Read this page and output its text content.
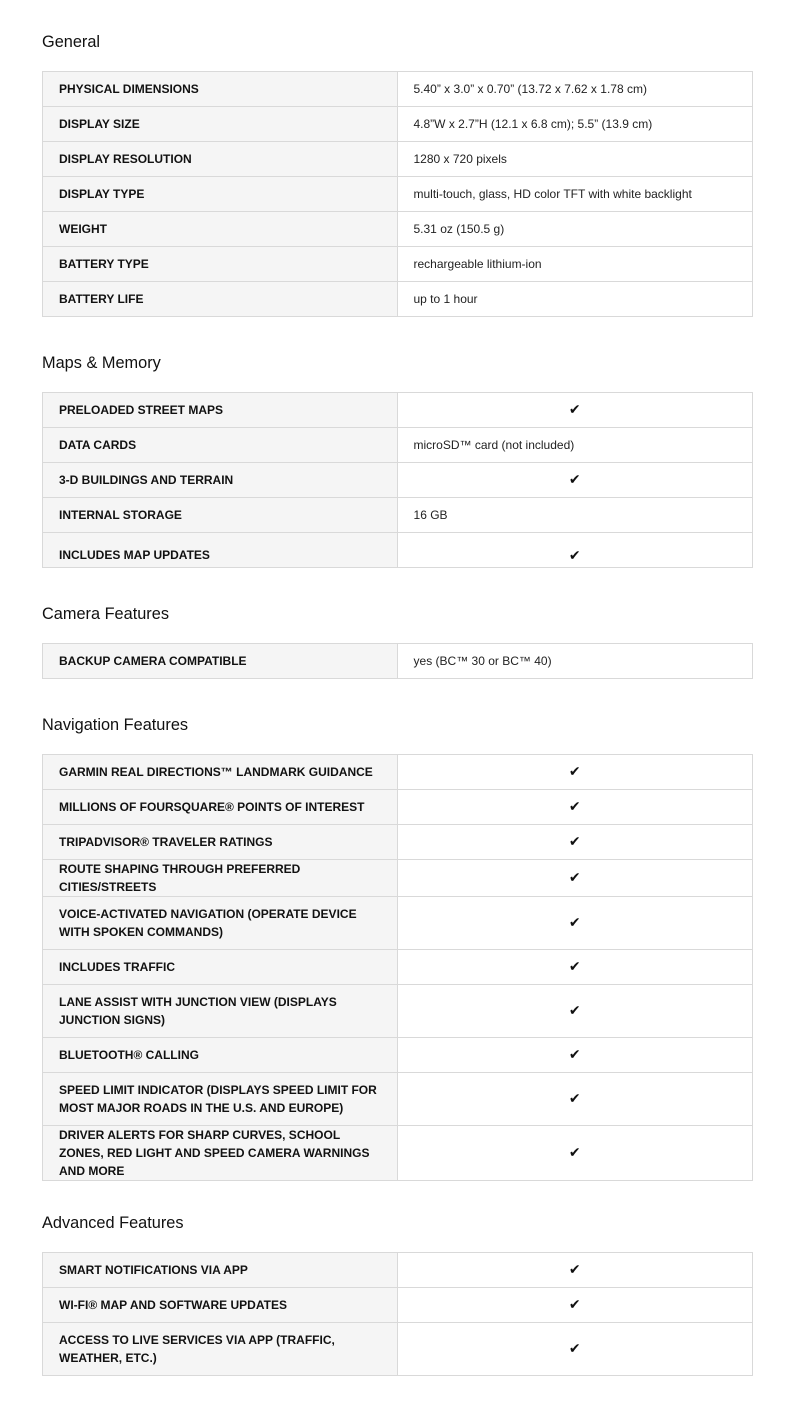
General
PHYSICAL DIMENSIONS	5.40” x 3.0” x 0.70” (13.72 x 7.62 x 1.78 cm)
DISPLAY SIZE	4.8”W x 2.7”H (12.1 x 6.8 cm); 5.5” (13.9 cm)
DISPLAY RESOLUTION	1280 x 720 pixels
DISPLAY TYPE	multi-touch, glass, HD color TFT with white backlight
WEIGHT	5.31 oz (150.5 g)
BATTERY TYPE	rechargeable lithium-ion
BATTERY LIFE	up to 1 hour
Maps & Memory
PRELOADED STREET MAPS	✔
DATA CARDS	microSD™ card (not included)
3-D BUILDINGS AND TERRAIN	✔
INTERNAL STORAGE	16 GB

INCLUDES MAP UPDATES	✔
Camera Features
BACKUP CAMERA COMPATIBLE	yes (BC™ 30 or BC™ 40)
Navigation Features
GARMIN REAL DIRECTIONS™ LANDMARK GUIDANCE	✔
MILLIONS OF FOURSQUARE® POINTS OF INTEREST	✔
TRIPADVISOR® TRAVELER RATINGS	✔
ROUTE SHAPING THROUGH PREFERRED CITIES/STREETS	✔
VOICE-ACTIVATED NAVIGATION (OPERATE DEVICE WITH SPOKEN COMMANDS)	✔
INCLUDES TRAFFIC	✔
LANE ASSIST WITH JUNCTION VIEW (DISPLAYS JUNCTION SIGNS)	✔
BLUETOOTH® CALLING	✔
SPEED LIMIT INDICATOR (DISPLAYS SPEED LIMIT FOR MOST MAJOR ROADS IN THE U.S. AND EUROPE)	✔
DRIVER ALERTS FOR SHARP CURVES, SCHOOL ZONES, RED LIGHT AND SPEED CAMERA WARNINGS AND MORE	✔
Advanced Features
SMART NOTIFICATIONS VIA APP	✔
WI-FI® MAP AND SOFTWARE UPDATES	✔
ACCESS TO LIVE SERVICES VIA APP (TRAFFIC, WEATHER, ETC.)	✔
